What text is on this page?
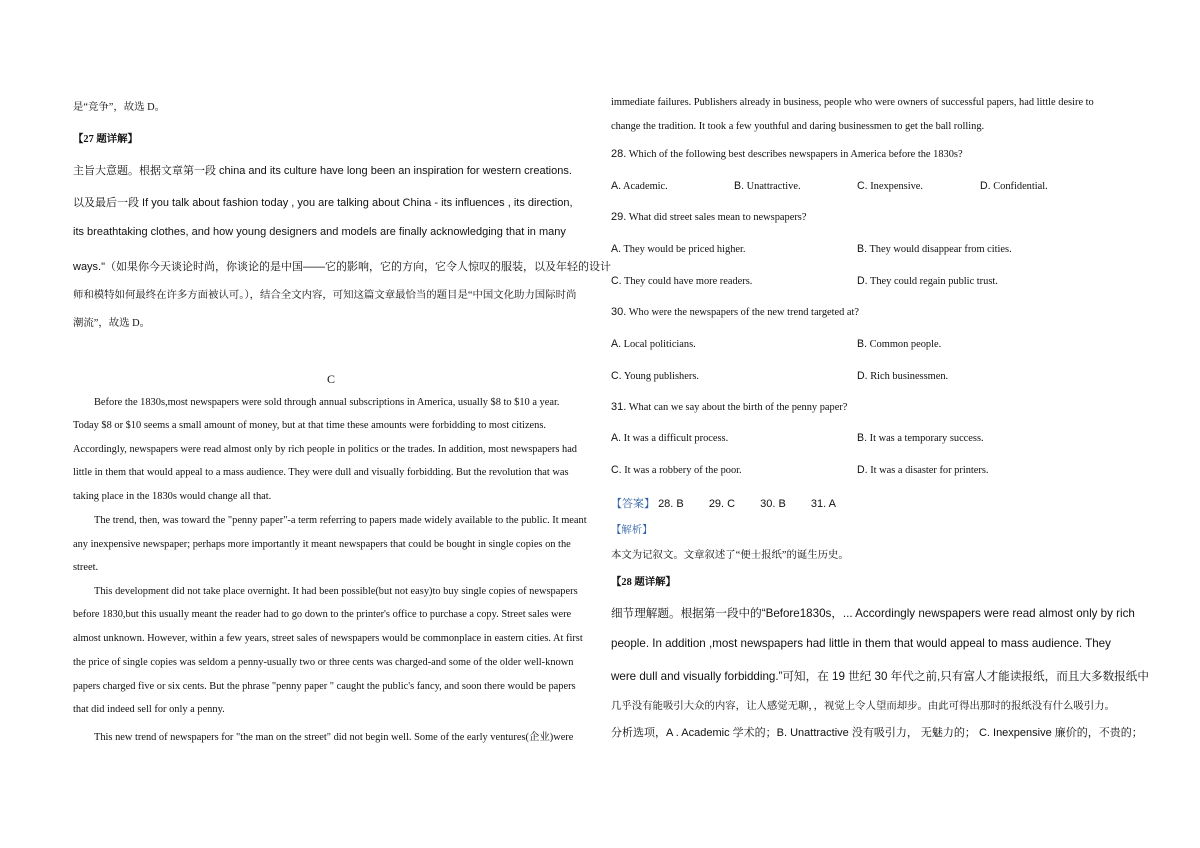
是“竞争”，故选 D。
【27 题详解】
主旨大意题。根据文章第一段 china and its culture have long been an inspiration for western creations.
以及最后一段 If you talk about fashion today , you are talking about China - its influences , its direction,
its breathtaking clothes, and how young designers and models are finally acknowledging that in many
ways."（如果你今天谈论时尚，你谈论的是中国——它的影响，它的方向，它令人惊叹的服装，以及年轻的设计
师和模特如何最终在许多方面被认可。），结合全文内容，可知这篇文章最恰当的题目是“中国文化助力国际时尚
潮流”，故选 D。
C
Before the 1830s,most newspapers were sold through annual subscriptions in America, usually $8 to $10 a year.
Today $8 or $10 seems a small amount of money, but at that time these amounts were forbidding to most citizens.
Accordingly, newspapers were read almost only by rich people in politics or the trades. In addition, most newspapers had
little in them that would appeal to a mass audience. They were dull and visually forbidding. But the revolution that was
taking place in the 1830s would change all that.
The trend, then, was toward the "penny paper"-a term referring to papers made widely available to the public. It meant
any inexpensive newspaper; perhaps more importantly it meant newspapers that could be bought in single copies on the
street.
This development did not take place overnight. It had been possible(but not easy)to buy single copies of newspapers
before 1830,but this usually meant the reader had to go down to the printer's office to purchase a copy. Street sales were
almost unknown. However, within a few years, street sales of newspapers would be commonplace in eastern cities. At first
the price of single copies was seldom a penny-usually two or three cents was charged-and some of the older well-known
papers charged five or six cents. But the phrase "penny paper " caught the public's fancy, and soon there would be papers
that did indeed sell for only a penny.
This new trend of newspapers for "the man on the street" did not begin well. Some of the early ventures(企业)were
immediate failures. Publishers already in business, people who were owners of successful papers, had little desire to
change the tradition. It took a few youthful and daring businessmen to get the ball rolling.
28. Which of the following best describes newspapers in America before the 1830s?
A. Academic.	B. Unattractive.	C. Inexpensive.	D. Confidential.
29. What did street sales mean to newspapers?
A. They would be priced higher.	B. They would disappear from cities.
C. They could have more readers.	D. They could regain public trust.
30. Who were the newspapers of the new trend targeted at?
A. Local politicians.	B. Common people.
C. Young publishers.	D. Rich businessmen.
31. What can we say about the birth of the penny paper?
A. It was a difficult process.	B. It was a temporary success.
C. It was a robbery of the poor.	D. It was a disaster for printers.
【答案】 28. B 29. C 30. B 31. A
【解析】
本文为记叙文。文章叙述了“便士报纸”的诞生历史。
【28 题详解】
细节理解题。根据第一段中的“Before1830s，... Accordingly newspapers were read almost only by rich
people. In addition ,most newspapers had little in them that would appeal to mass audience. They
were dull and visually forbidding.”可知，在 19 世纪 30 年代之前,只有富人才能读报纸，而且大多数报纸中
几乎没有能吸引大众的内容，让人感觉无聊，，视觉上令人望而却步。由此可得出那时的报纸没有什么吸引力。
分析选项，A . Academic 学术的；B. Unattractive 没有吸引力， 无魅力的； C. Inexpensive 廉价的，不贵的；
